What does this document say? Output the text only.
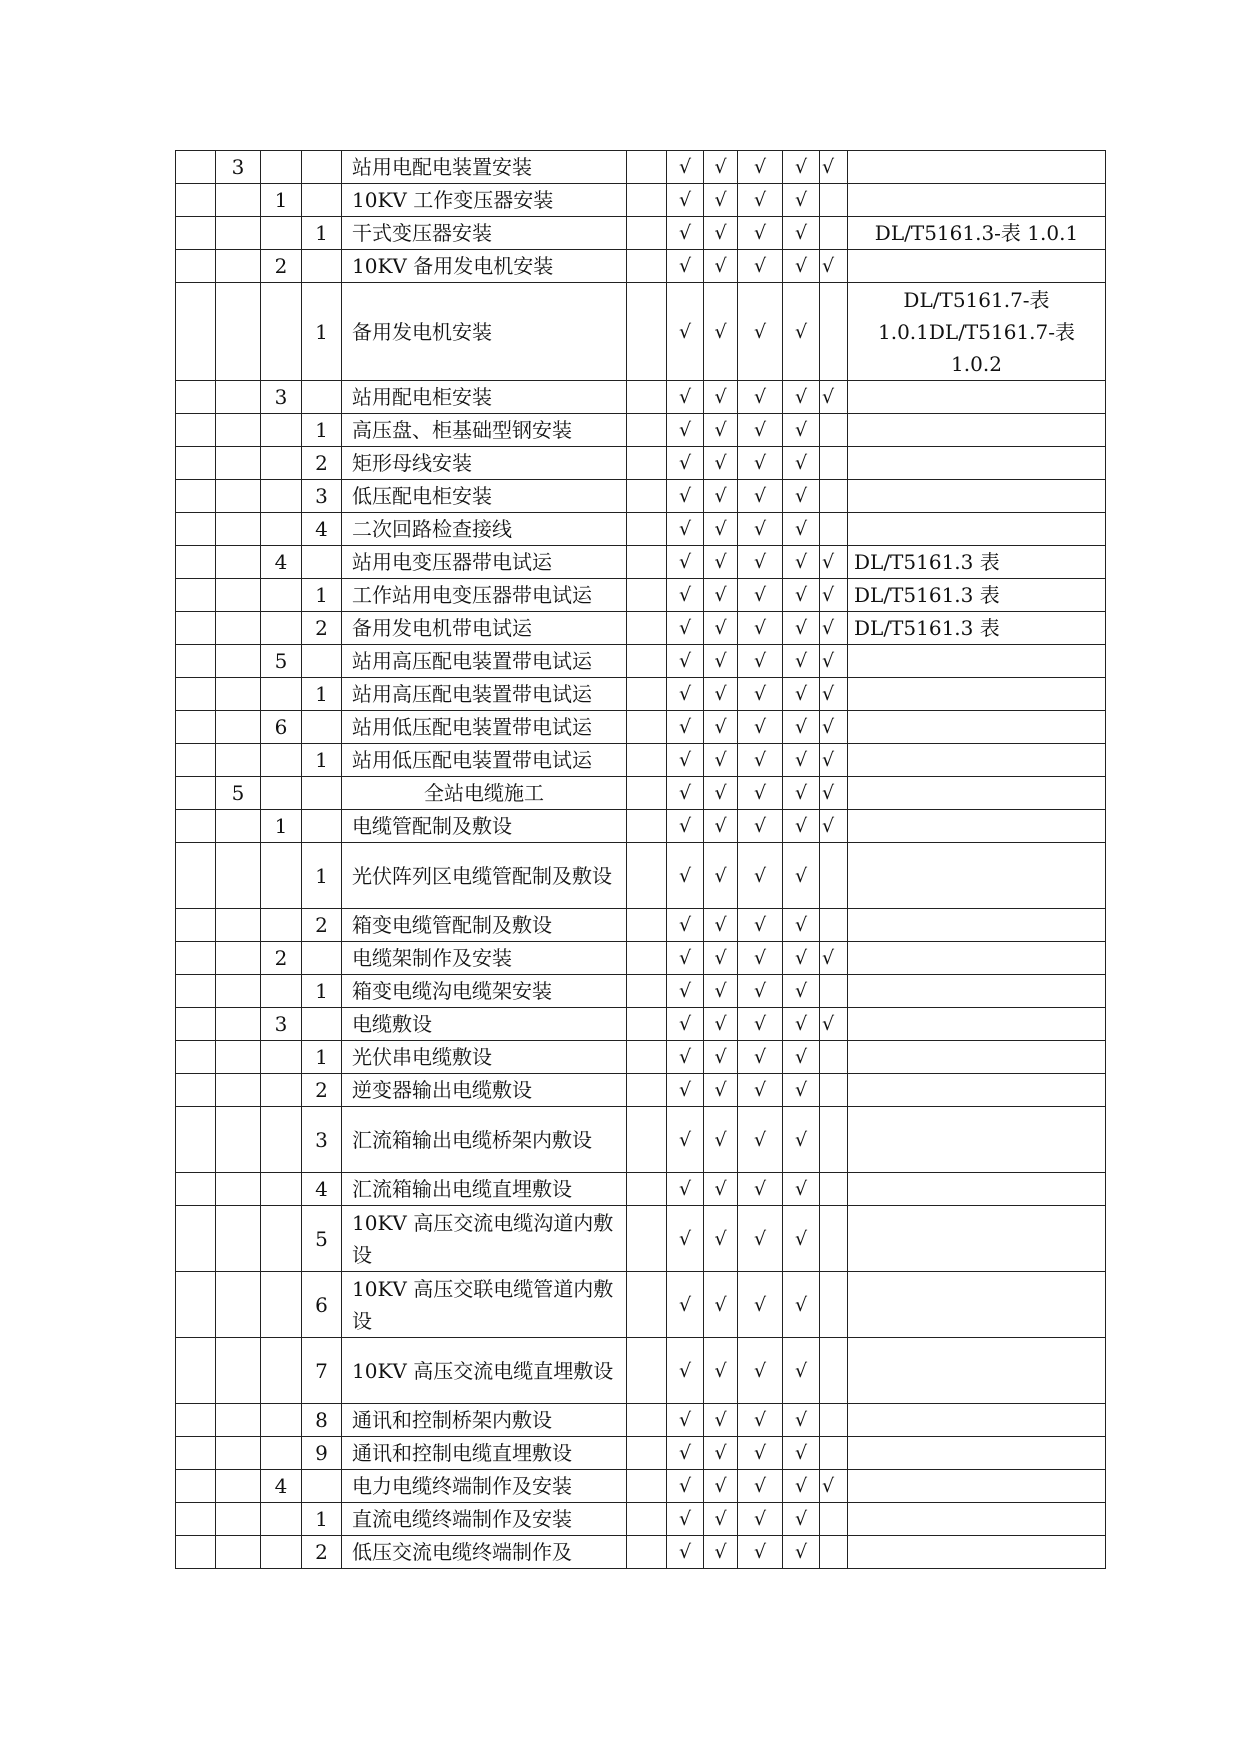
	3			站用电配电装置安装		√	√	√	√	√	
		1		10KV 工作变压器安装		√	√	√	√		
			1	干式变压器安装		√	√	√	√		DL/T5161.3-表 1.0.1
		2		10KV 备用发电机安装		√	√	√	√	√	
			1	备用发电机安装		√	√	√	√		DL/T5161.7-表 1.0.1DL/T5161.7-表 1.0.2
		3		站用配电柜安装		√	√	√	√	√	
			1	高压盘、柜基础型钢安装		√	√	√	√		
			2	矩形母线安装		√	√	√	√		
			3	低压配电柜安装		√	√	√	√		
			4	二次回路检查接线		√	√	√	√		
		4		站用电变压器带电试运		√	√	√	√	√	DL/T5161.3 表
			1	工作站用电变压器带电试运		√	√	√	√	√	DL/T5161.3 表
			2	备用发电机带电试运		√	√	√	√	√	DL/T5161.3 表
		5		站用高压配电装置带电试运		√	√	√	√	√	
			1	站用高压配电装置带电试运		√	√	√	√	√	
		6		站用低压配电装置带电试运		√	√	√	√	√	
			1	站用低压配电装置带电试运		√	√	√	√	√	
	5			全站电缆施工		√	√	√	√	√	
		1		电缆管配制及敷设		√	√	√	√	√	
			1	光伏阵列区电缆管配制及敷设		√	√	√	√		
			2	箱变电缆管配制及敷设		√	√	√	√		
		2		电缆架制作及安装		√	√	√	√	√	
			1	箱变电缆沟电缆架安装		√	√	√	√		
		3		电缆敷设		√	√	√	√	√	
			1	光伏串电缆敷设		√	√	√	√		
			2	逆变器输出电缆敷设		√	√	√	√		
			3	汇流箱输出电缆桥架内敷设		√	√	√	√		
			4	汇流箱输出电缆直埋敷设		√	√	√	√		
			5	10KV 高压交流电缆沟道内敷设		√	√	√	√		
			6	10KV 高压交联电缆管道内敷设		√	√	√	√		
			7	10KV 高压交流电缆直埋敷设		√	√	√	√		
			8	通讯和控制桥架内敷设		√	√	√	√		
			9	通讯和控制电缆直埋敷设		√	√	√	√		
		4		电力电缆终端制作及安装		√	√	√	√	√	
			1	直流电缆终端制作及安装		√	√	√	√		
			2	低压交流电缆终端制作及		√	√	√	√		
